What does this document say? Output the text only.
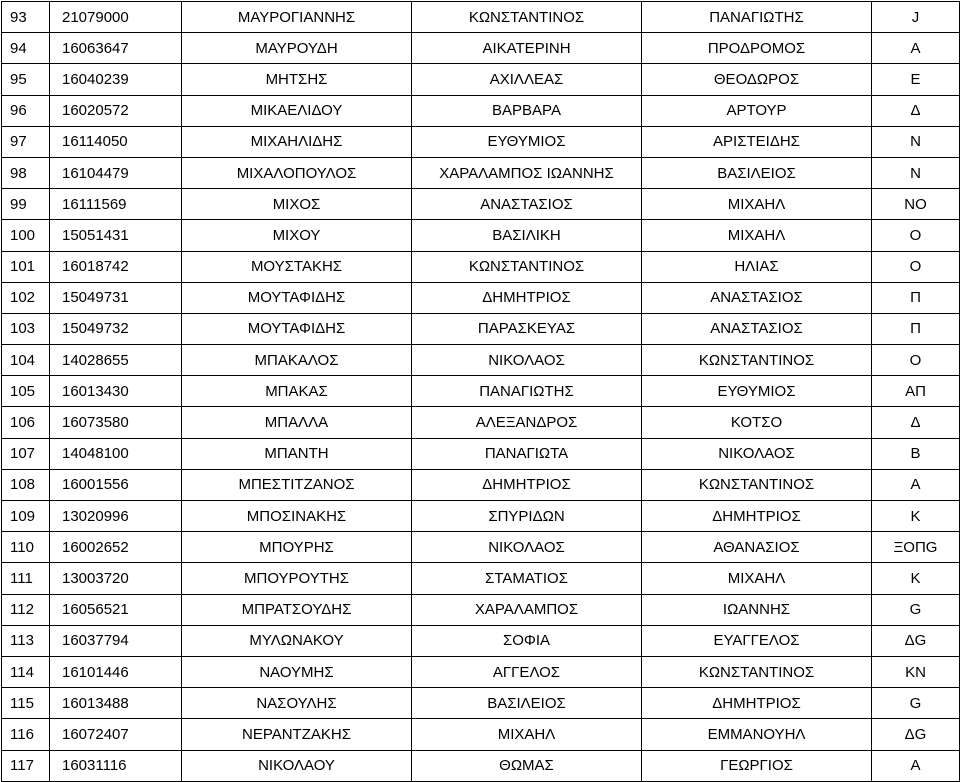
93	21079000	ΜΑΥΡΟΓΙΑΝΝΗΣ	ΚΩΝΣΤΑΝΤΙΝΟΣ	ΠΑΝΑΓΙΩΤΗΣ	J
94	16063647	ΜΑΥΡΟΥΔΗ	ΑΙΚΑΤΕΡΙΝΗ	ΠΡΟΔΡΟΜΟΣ	A
95	16040239	ΜΗΤΣΗΣ	ΑΧΙΛΛΕΑΣ	ΘΕΟΔΩΡΟΣ	E
96	16020572	ΜΙΚΑΕΛΙΔΟΥ	ΒΑΡΒΑΡΑ	ΑΡΤΟΥΡ	Δ
97	16114050	ΜΙΧΑΗΛΙΔΗΣ	ΕΥΘΥΜΙΟΣ	ΑΡΙΣΤΕΙΔΗΣ	N
98	16104479	ΜΙΧΑΛΟΠΟΥΛΟΣ	ΧΑΡΑΛΑΜΠΟΣ ΙΩΑΝΝΗΣ	ΒΑΣΙΛΕΙΟΣ	N
99	16111569	ΜΙΧΟΣ	ΑΝΑΣΤΑΣΙΟΣ	ΜΙΧΑΗΛ	NO
100	15051431	ΜΙΧΟΥ	ΒΑΣΙΛΙΚΗ	ΜΙΧΑΗΛ	O
101	16018742	ΜΟΥΣΤΑΚΗΣ	ΚΩΝΣΤΑΝΤΙΝΟΣ	ΗΛΙΑΣ	O
102	15049731	ΜΟΥΤΑΦΙΔΗΣ	ΔΗΜΗΤΡΙΟΣ	ΑΝΑΣΤΑΣΙΟΣ	Π
103	15049732	ΜΟΥΤΑΦΙΔΗΣ	ΠΑΡΑΣΚΕΥΑΣ	ΑΝΑΣΤΑΣΙΟΣ	Π
104	14028655	ΜΠΑΚΑΛΟΣ	ΝΙΚΟΛΑΟΣ	ΚΩΝΣΤΑΝΤΙΝΟΣ	O
105	16013430	ΜΠΑΚΑΣ	ΠΑΝΑΓΙΩΤΗΣ	ΕΥΘΥΜΙΟΣ	AΠ
106	16073580	ΜΠΑΛΛΑ	ΑΛΕΞΑΝΔΡΟΣ	ΚΟΤΣΟ	Δ
107	14048100	ΜΠΑΝΤΗ	ΠΑΝΑΓΙΩΤΑ	ΝΙΚΟΛΑΟΣ	B
108	16001556	ΜΠΕΣΤΙΤΖΑΝΟΣ	ΔΗΜΗΤΡΙΟΣ	ΚΩΝΣΤΑΝΤΙΝΟΣ	A
109	13020996	ΜΠΟΣΙΝΑΚΗΣ	ΣΠΥΡΙΔΩΝ	ΔΗΜΗΤΡΙΟΣ	K
110	16002652	ΜΠΟΥΡΗΣ	ΝΙΚΟΛΑΟΣ	ΑΘΑΝΑΣΙΟΣ	ΞΟΠG
111	13003720	ΜΠΟΥΡΟΥΤΗΣ	ΣΤΑΜΑΤΙΟΣ	ΜΙΧΑΗΛ	K
112	16056521	ΜΠΡΑΤΣΟΥΔΗΣ	ΧΑΡΑΛΑΜΠΟΣ	ΙΩΑΝΝΗΣ	G
113	16037794	ΜΥΛΩΝΑΚΟΥ	ΣΟΦΙΑ	ΕΥΑΓΓΕΛΟΣ	ΔG
114	16101446	ΝΑΟΥΜΗΣ	ΑΓΓΕΛΟΣ	ΚΩΝΣΤΑΝΤΙΝΟΣ	KN
115	16013488	ΝΑΣΟΥΛΗΣ	ΒΑΣΙΛΕΙΟΣ	ΔΗΜΗΤΡΙΟΣ	G
116	16072407	ΝΕΡΑΝΤΖΑΚΗΣ	ΜΙΧΑΗΛ	ΕΜΜΑΝΟΥΗΛ	ΔG
117	16031116	ΝΙΚΟΛΑΟΥ	ΘΩΜΑΣ	ΓΕΩΡΓΙΟΣ	A
